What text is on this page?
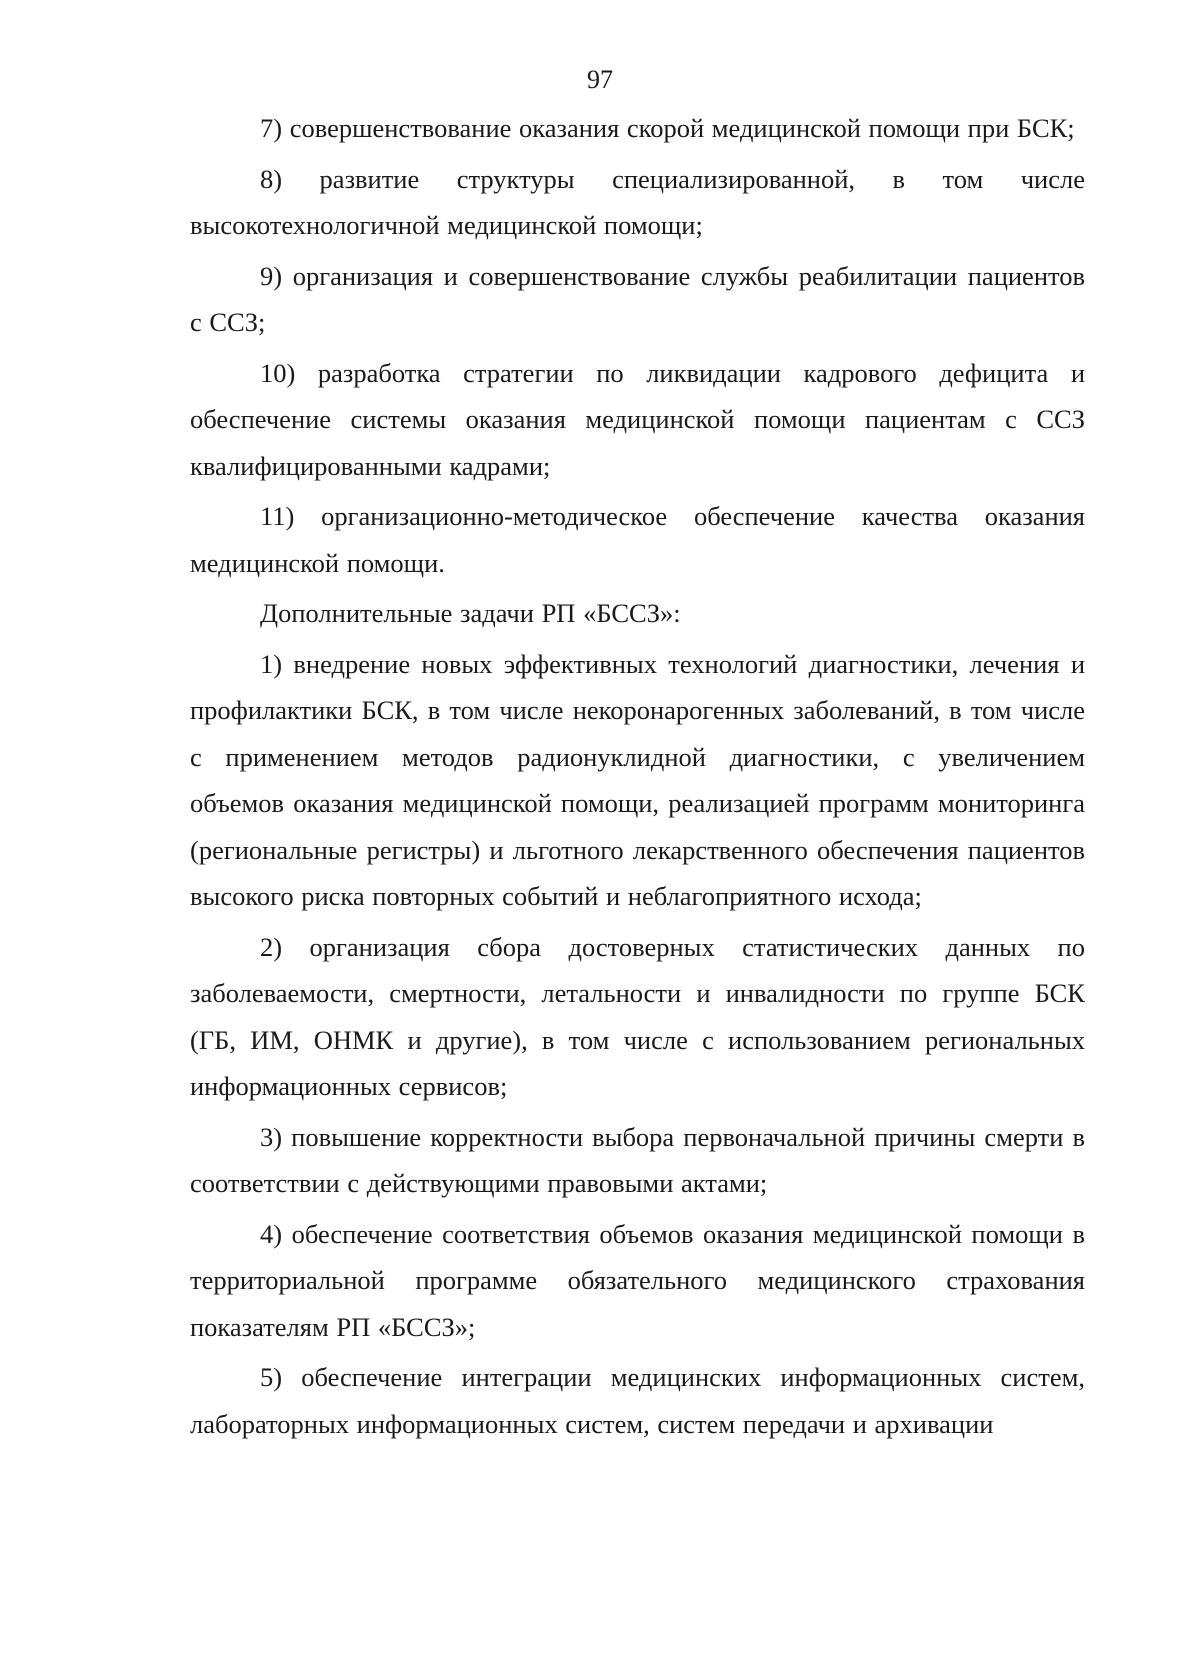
97

7) совершенствование оказания скорой медицинской помощи при БСК;

8) развитие структуры специализированной, в том числе высокотехнологичной медицинской помощи;

9) организация и совершенствование службы реабилитации пациентов с ССЗ;

10) разработка стратегии по ликвидации кадрового дефицита и обеспечение системы оказания медицинской помощи пациентам с ССЗ квалифицированными кадрами;

11) организационно-методическое обеспечение качества оказания медицинской помощи.

Дополнительные задачи РП «БССЗ»:

1) внедрение новых эффективных технологий диагностики, лечения и профилактики БСК, в том числе некоронарогенных заболеваний, в том числе с применением методов радионуклидной диагностики, с увеличением объемов оказания медицинской помощи, реализацией программ мониторинга (региональные регистры) и льготного лекарственного обеспечения пациентов высокого риска повторных событий и неблагоприятного исхода;

2) организация сбора достоверных статистических данных по заболеваемости, смертности, летальности и инвалидности по группе БСК (ГБ, ИМ, ОНМК и другие), в том числе с использованием региональных информационных сервисов;

3) повышение корректности выбора первоначальной причины смерти в соответствии с действующими правовыми актами;

4) обеспечение соответствия объемов оказания медицинской помощи в территориальной программе обязательного медицинского страхования показателям РП «БССЗ»;

5) обеспечение интеграции медицинских информационных систем, лабораторных информационных систем, систем передачи и архивации
